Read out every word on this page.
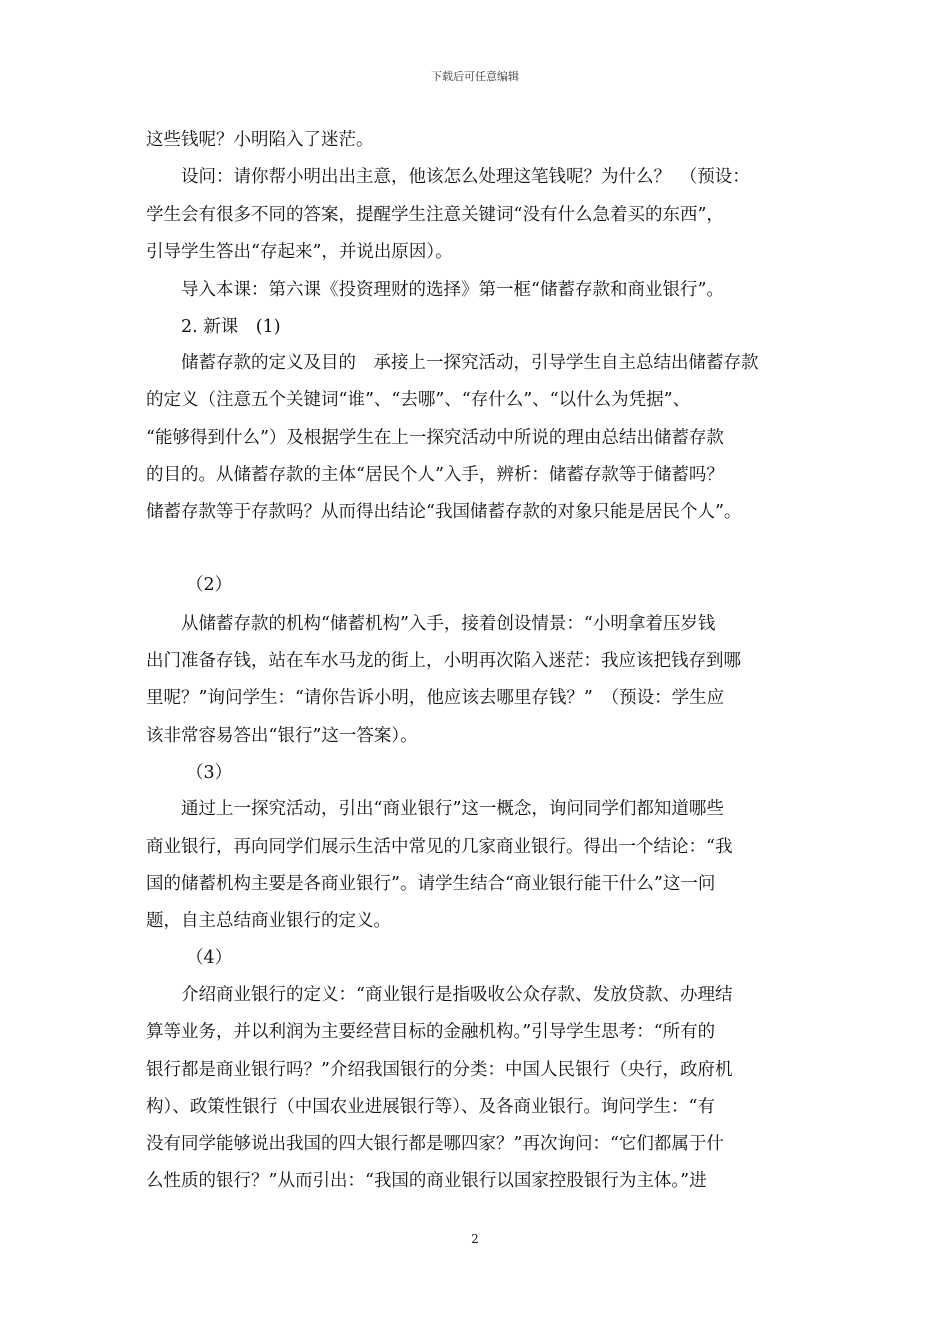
下载后可任意编辑
这些钱呢？小明陷入了迷茫。
设问：请你帮小明出出主意，他该怎么处理这笔钱呢？为什么？　（预设：
学生会有很多不同的答案，提醒学生注意关键词“没有什么急着买的东西”，
引导学生答出“存起来”，并说出原因）。
导入本课：第六课《投资理财的选择》第一框“储蓄存款和商业银行”。
2. 新课　(1)
储蓄存款的定义及目的　承接上一探究活动，引导学生自主总结出储蓄存款
的定义（注意五个关键词“谁”、“去哪”、“存什么”、“以什么为凭据”、
“能够得到什么”）及根据学生在上一探究活动中所说的理由总结出储蓄存款
的目的。从储蓄存款的主体“居民个人”入手，辨析：储蓄存款等于储蓄吗？
储蓄存款等于存款吗？从而得出结论“我国储蓄存款的对象只能是居民个人”。
（2）
从储蓄存款的机构“储蓄机构”入手，接着创设情景：“小明拿着压岁钱
出门准备存钱，站在车水马龙的街上，小明再次陷入迷茫：我应该把钱存到哪
里呢？”询问学生：“请你告诉小明，他应该去哪里存钱？”　（预设：学生应
该非常容易答出“银行”这一答案）。
（3）
通过上一探究活动，引出“商业银行”这一概念，询问同学们都知道哪些
商业银行，再向同学们展示生活中常见的几家商业银行。得出一个结论：“我
国的储蓄机构主要是各商业银行”。请学生结合“商业银行能干什么”这一问
题，自主总结商业银行的定义。
（4）
介绍商业银行的定义：“商业银行是指吸收公众存款、发放贷款、办理结
算等业务，并以利润为主要经营目标的金融机构。”引导学生思考：“所有的
银行都是商业银行吗？”介绍我国银行的分类：中国人民银行（央行，政府机
构）、政策性银行（中国农业进展银行等）、及各商业银行。询问学生：“有
没有同学能够说出我国的四大银行都是哪四家？”再次询问：“它们都属于什
么性质的银行？”从而引出：“我国的商业银行以国家控股银行为主体。”进
2
